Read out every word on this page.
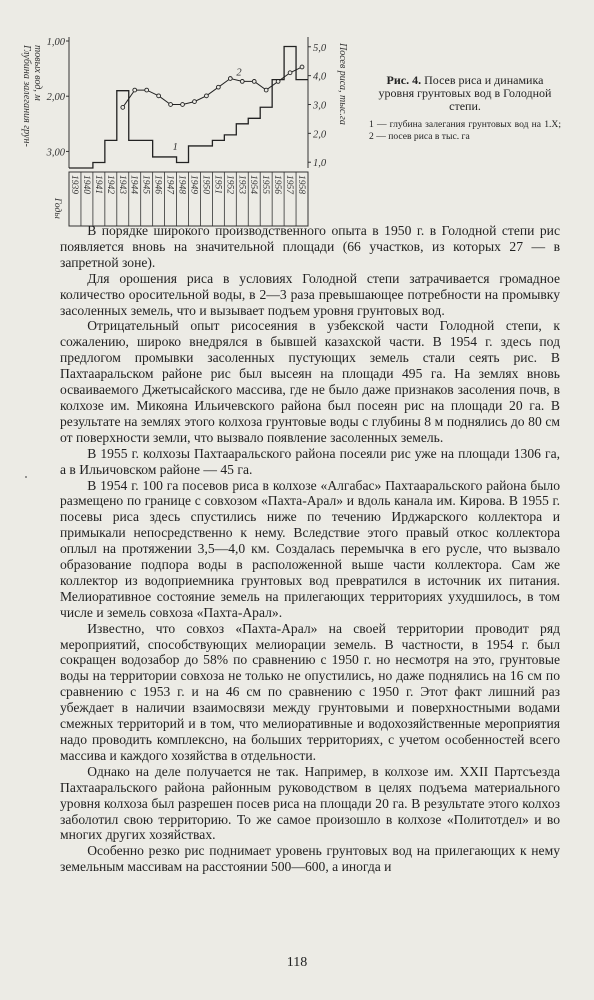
1,00
2,00
3,00
5,0
4,0
3,0
2,0
1,0
Глубина залегания грун- товых вод, м	Посев риса, тыс.га
1939 1940 1941 1942 1943 1944 1945 1946 1947 1948 1949 1950 1951 1952 1953 1954 1955 1956 1957 1958
Годы
1
2	Рис. 4. Посев риса и динамика уровня грунтовых вод в Голодной степи.
1 — глубина залегания грунтовых вод на 1.X; 2 — посев риса в тыс. га

В порядке широкого производственного опыта в 1950 г. в Голодной степи рис появляется вновь на значительной площади (66 участков, из которых 27 — в запретной зоне).

Для орошения риса в условиях Голодной степи затрачивается громадное количество оросительной воды, в 2—3 раза превышающее потребности на промывку засоленных земель, что и вызывает подъем уровня грунтовых вод.

Отрицательный опыт рисосеяния в узбекской части Голодной степи, к сожалению, широко внедрялся в бывшей казахской части. В 1954 г. здесь под предлогом промывки засоленных пустующих земель стали сеять рис. В Пахтааральском районе рис был высеян на площади 495 га. На землях вновь осваиваемого Джетысайского массива, где не было даже признаков засоления почв, в колхозе им. Микояна Ильичевского района был посеян рис на площади 20 га. В результате на землях этого колхоза грунтовые воды с глубины 8 м поднялись до 80 см от поверхности земли, что вызвало появление засоленных земель.

В 1955 г. колхозы Пахтааральского района посеяли рис уже на площади 1306 га, а в Ильичовском районе — 45 га.

В 1954 г. 100 га посевов риса в колхозе «Алгабас» Пахтааральского района было размещено по границе с совхозом «Пахта-Арал» и вдоль канала им. Кирова. В 1955 г. посевы риса здесь спустились ниже по течению Ирджарского коллектора и примыкали непосредственно к нему. Вследствие этого правый откос коллектора оплыл на протяжении 3,5—4,0 км. Создалась перемычка в его русле, что вызвало образование подпора воды в расположенной выше части коллектора. Сам же коллектор из водоприемника грунтовых вод превратился в источник их питания. Мелиоративное состояние земель на прилегающих территориях ухудшилось, в том числе и земель совхоза «Пахта-Арал».

Известно, что совхоз «Пахта-Арал» на своей территории проводит ряд мероприятий, способствующих мелиорации земель. В частности, в 1954 г. был сокращен водозабор до 58% по сравнению с 1950 г. но несмотря на это, грунтовые воды на территории совхоза не только не опустились, но даже поднялись на 16 см по сравнению с 1953 г. и на 46 см по сравнению с 1950 г. Этот факт лишний раз убеждает в наличии взаимосвязи между грунтовыми и поверхностными водами смежных территорий и в том, что мелиоративные и водохозяйственные мероприятия надо проводить комплексно, на больших территориях, с учетом особенностей всего массива и каждого хозяйства в отдельности.

Однако на деле получается не так. Например, в колхозе им. XXII Партсъезда Пахтааральского района районным руководством в целях подъема материального уровня колхоза был разрешен посев риса на площади 20 га. В результате этого колхоз заболотил свою территорию. То же самое произошло в колхозе «Политотдел» и во многих других хозяйствах.

Особенно резко рис поднимает уровень грунтовых вод на прилегающих к нему земельным массивам на расстоянии 500—600, а иногда и

118
